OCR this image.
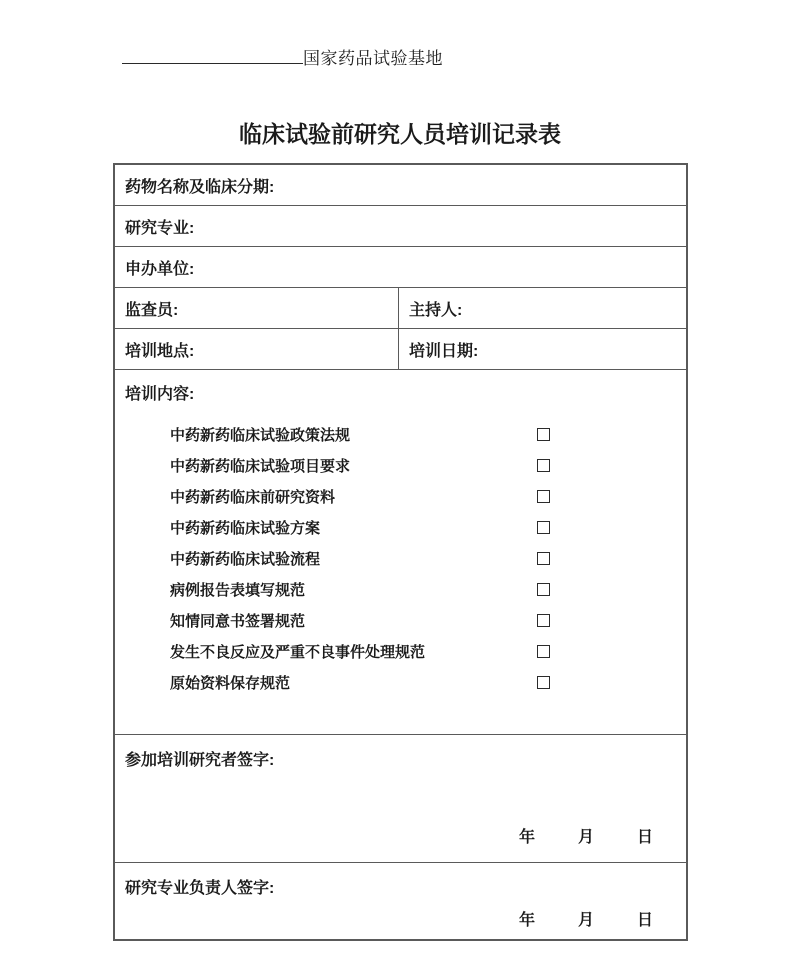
国家药品试验基地
临床试验前研究人员培训记录表
药物名称及临床分期:
研究专业:
申办单位:
监查员:	主持人:
培训地点:	培训日期:
培训内容:
中药新药临床试验政策法规
中药新药临床试验项目要求
中药新药临床前研究资料
中药新药临床试验方案
中药新药临床试验流程
病例报告表填写规范
知情同意书签署规范
发生不良反应及严重不良事件处理规范
原始资料保存规范
参加培训研究者签字:
年	月	日
研究专业负责人签字:
年	月	日
